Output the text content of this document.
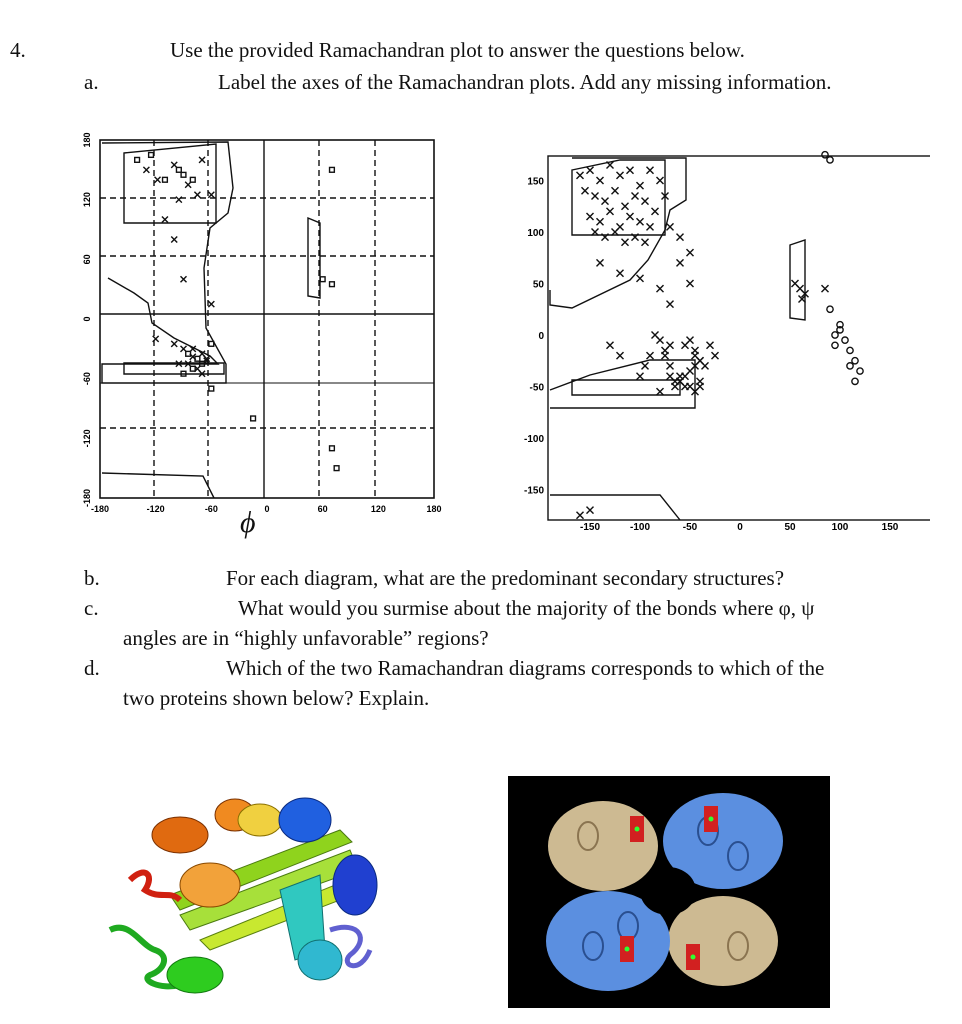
4.	Use the provided Ramachandran plot to answer the questions below.
a.	Label the axes of the Ramachandran plots. Add any missing information.
-180	-120	-60	0	60	120	180
180
120
60
0
-60
-120
-180
ϕ	-150	-100	-50	0	50	100	150
150
100
50
0
-50
-100
-150
b.	For each diagram, what are the predominant secondary structures?
c.	What would you surmise about the majority of the bonds where φ, ψ
angles are in “highly unfavorable” regions?
d.	Which of the two Ramachandran diagrams corresponds to which of the
two proteins shown below? Explain.
